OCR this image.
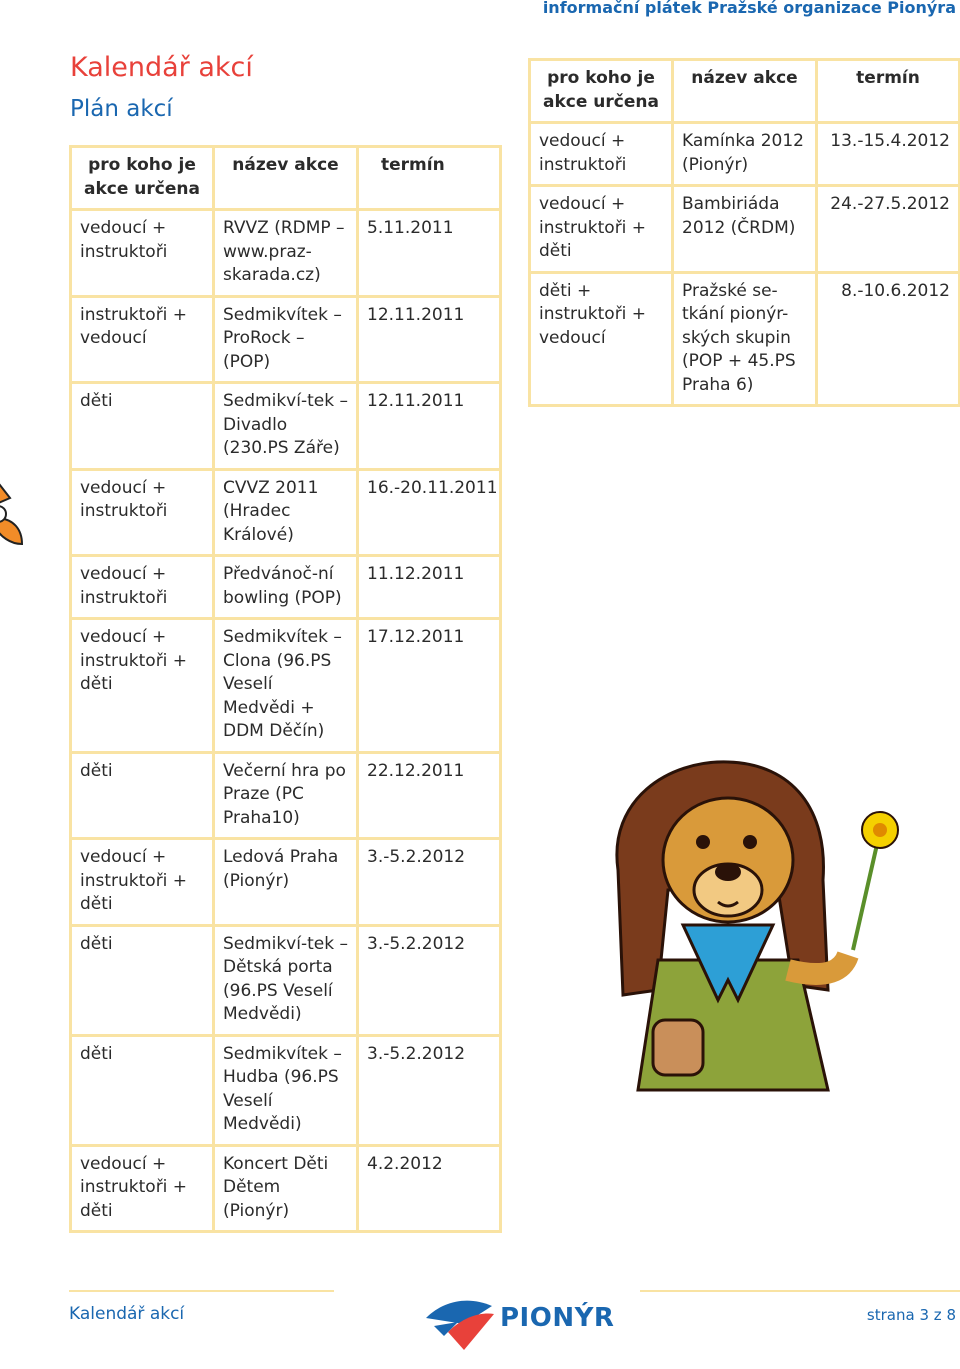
informační plátek Pražské organizace Pionýra
Kalendář akcí
Plán akcí
pro koho je akce určena	název akce	termín
vedoucí + instruktoři	RVVZ (RDMP – www.praz-skarada.cz)	5.11.2011
instruktoři + vedoucí	Sedmikvítek – ProRock – (POP)	12.11.2011
děti	Sedmikví-tek – Divadlo (230.PS Záře)	12.11.2011
vedoucí + instruktoři	CVVZ 2011 (Hradec Králové)	16.-20.11.2011
vedoucí + instruktoři	Předvánoč-ní bowling (POP)	11.12.2011
vedoucí + instruktoři + děti	Sedmikvítek – Clona (96.PS Veselí Medvědi + DDM Děčín)	17.12.2011
děti	Večerní hra po Praze (PC Praha10)	22.12.2011
vedoucí + instruktoři + děti	Ledová Praha (Pionýr)	3.-5.2.2012
děti	Sedmikví-tek – Dětská porta (96.PS Veselí Medvědi)	3.-5.2.2012
děti	Sedmikvítek – Hudba (96.PS Veselí Medvědi)	3.-5.2.2012
vedoucí + instruktoři + děti	Koncert Děti Dětem (Pionýr)	4.2.2012
pro koho je akce určena	název akce	termín
vedoucí + instruktoři	Kamínka 2012 (Pionýr)	13.-15.4.2012
vedoucí + instruktoři + děti	Bambiriáda 2012 (ČRDM)	24.-27.5.2012
děti + instruktoři + vedoucí	Pražské se-tkání pionýr-ských skupin (POP + 45.PS Praha 6)	8.-10.6.2012
Kalendář akcí	PIONÝR	strana 3 z 8
